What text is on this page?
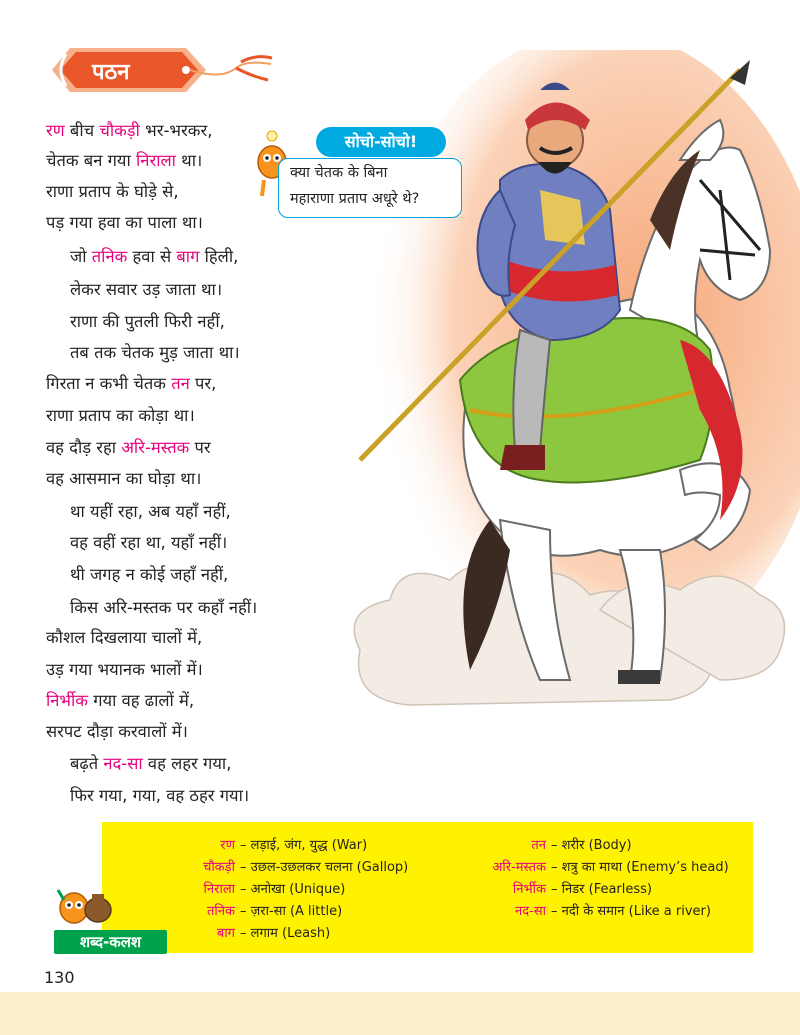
पठन
रण बीच चौकड़ी भर-भरकर,
चेतक बन गया निराला था।
राणा प्रताप के घोड़े से,
पड़ गया हवा का पाला था।
जो तनिक हवा से बाग हिली,
लेकर सवार उड़ जाता था।
राणा की पुतली फिरी नहीं,
तब तक चेतक मुड़ जाता था।
गिरता न कभी चेतक तन पर,
राणा प्रताप का कोड़ा था।
वह दौड़ रहा अरि-मस्तक पर
वह आसमान का घोड़ा था।
था यहीं रहा, अब यहाँ नहीं,
वह वहीं रहा था, यहाँ नहीं।
थी जगह न कोई जहाँ नहीं,
किस अरि-मस्तक पर कहाँ नहीं।
कौशल दिखलाया चालों में,
उड़ गया भयानक भालों में।
निर्भीक गया वह ढालों में,
सरपट दौड़ा करवालों में।
बढ़ते नद-सा वह लहर गया,
फिर गया, गया, वह ठहर गया।
सोचो-सोचो!
क्या चेतक के बिना
महाराणा प्रताप अधूरे थे?
शब्द-कलश
130
रण – लड़ाई, जंग, युद्ध (War)
चौकड़ी – उछल-उछलकर चलना (Gallop)
निराला – अनोखा (Unique)
तनिक – ज़रा-सा (A little)
बाग – लगाम (Leash)
तन – शरीर (Body)
अरि-मस्तक – शत्रु का माथा (Enemy’s head)
निर्भीक – निडर (Fearless)
नद-सा – नदी के समान (Like a river)
